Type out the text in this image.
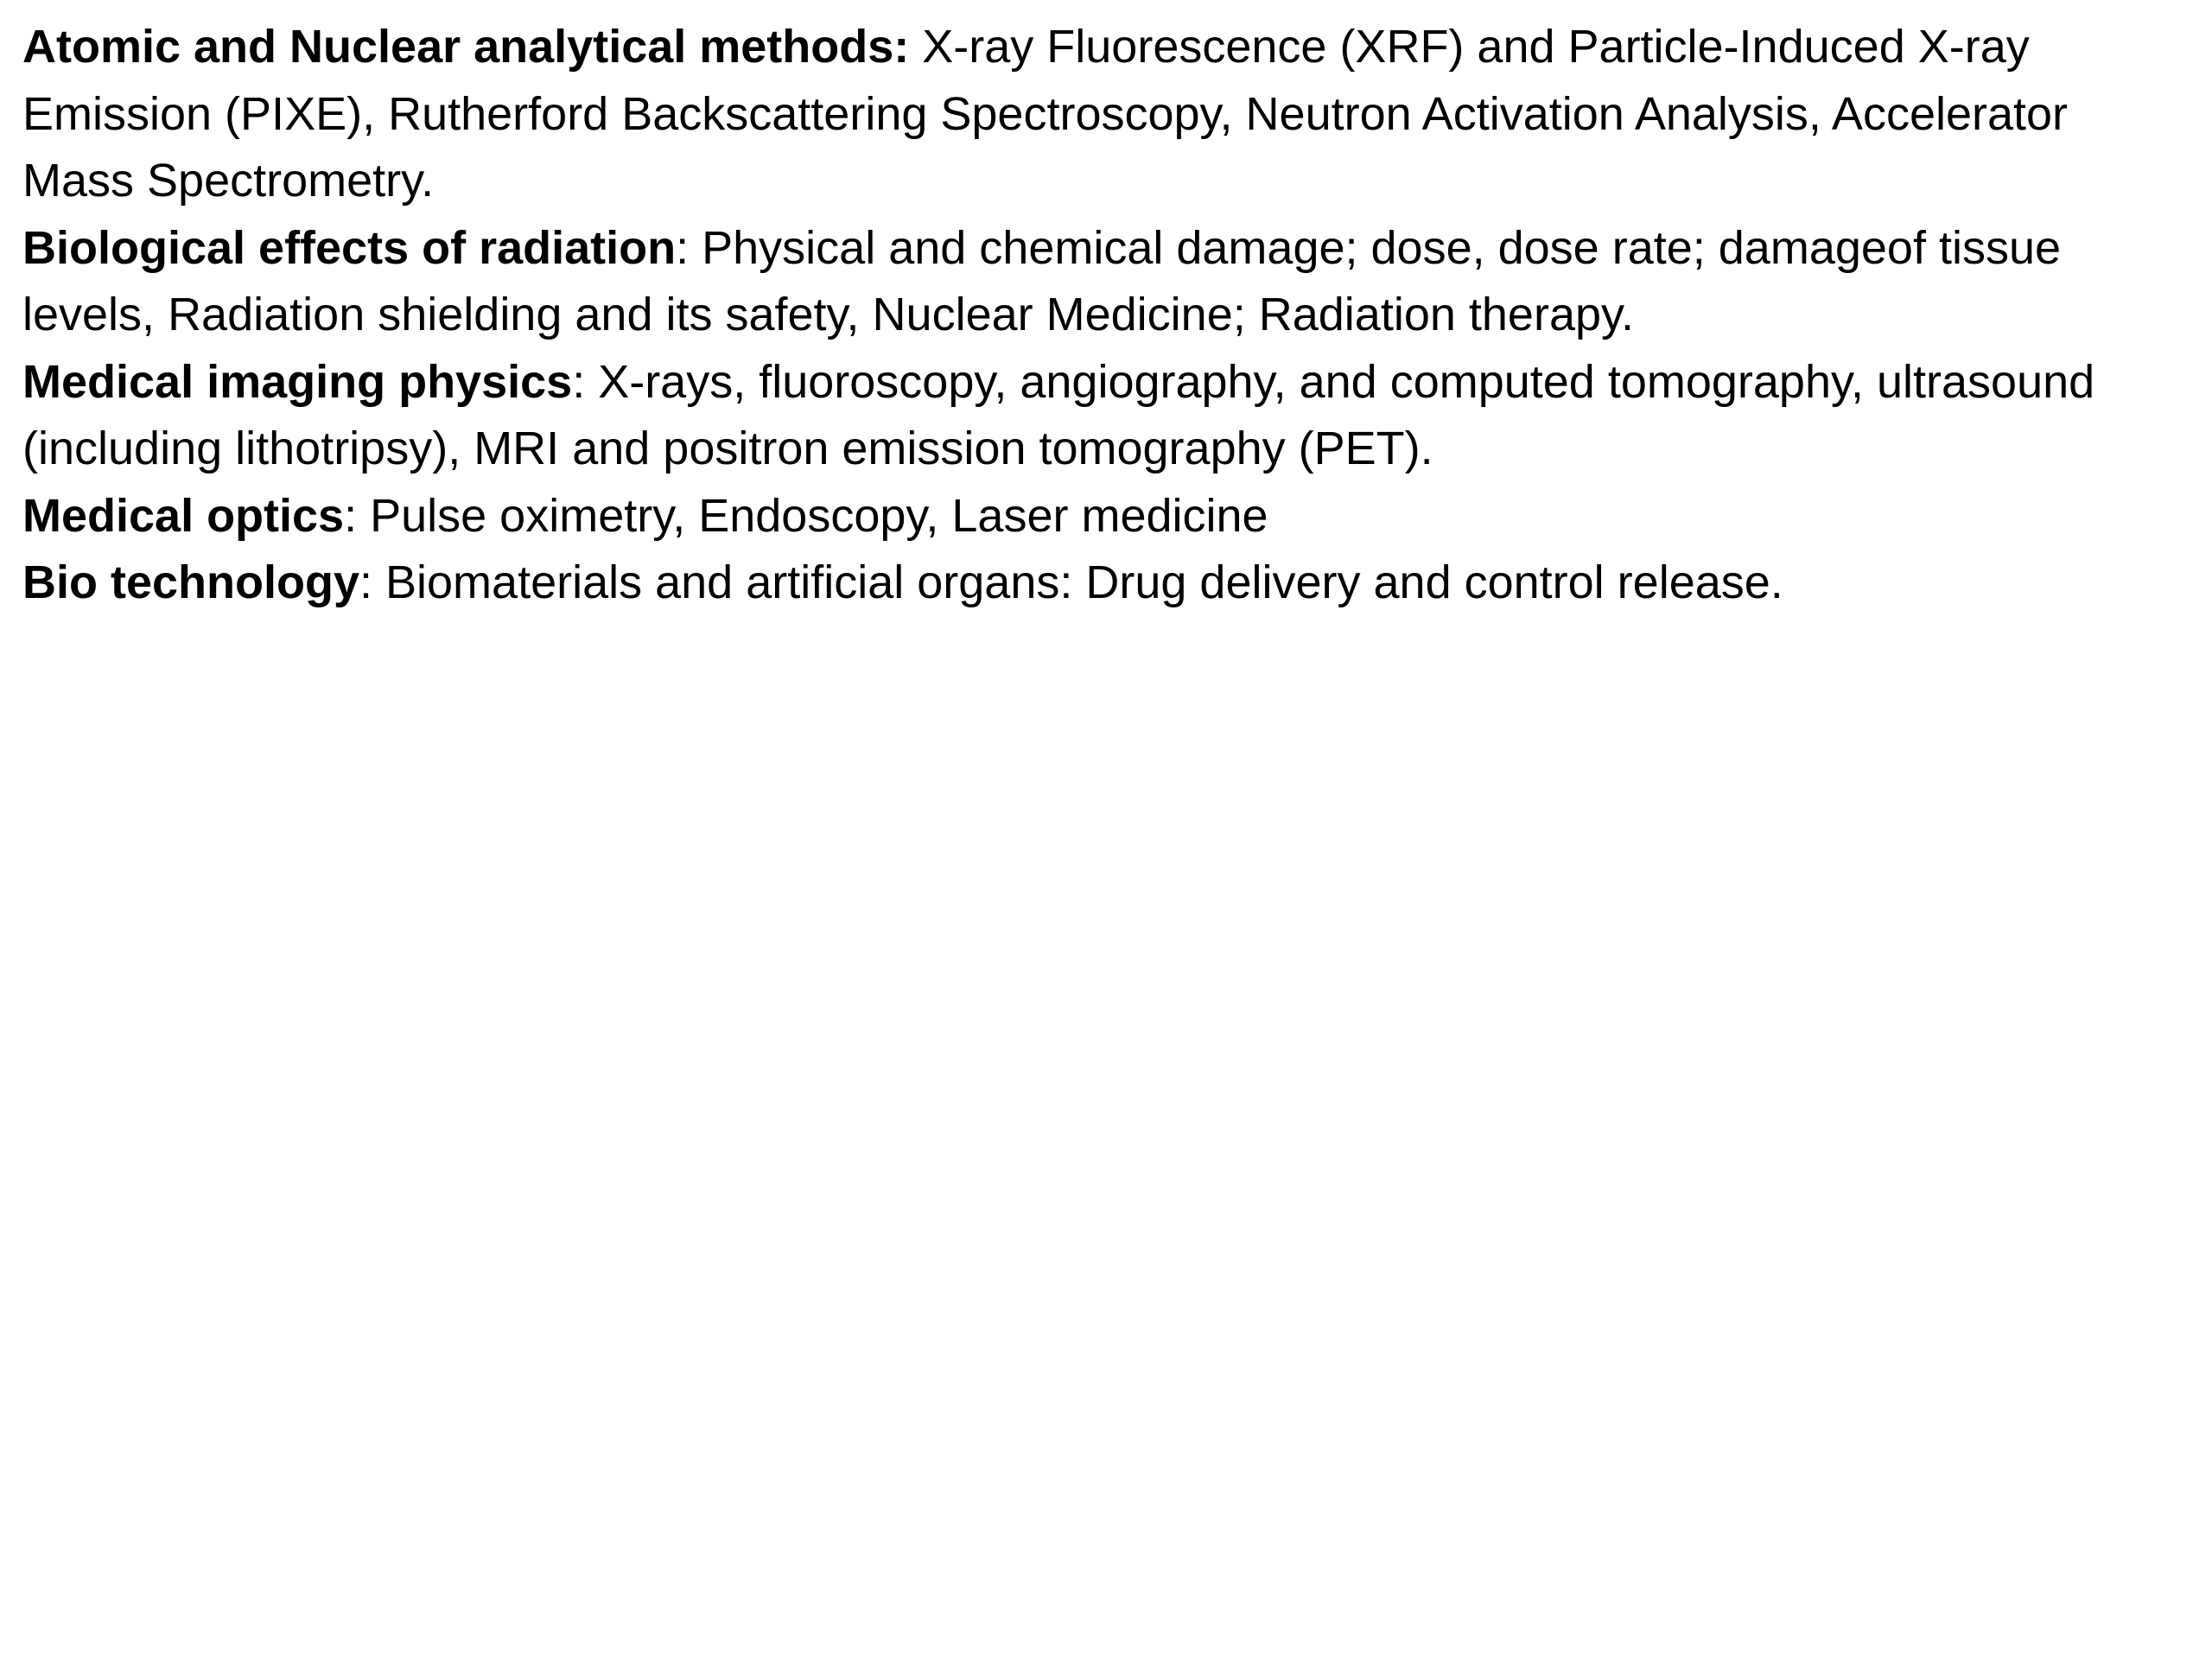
Atomic and Nuclear analytical methods: X-ray Fluorescence (XRF) and Particle-Induced X-ray Emission (PIXE), Rutherford Backscattering Spectroscopy, Neutron Activation Analysis, Accelerator Mass Spectrometry.

Biological effects of radiation: Physical and chemical damage; dose, dose rate; damageof tissue levels, Radiation shielding and its safety, Nuclear Medicine; Radiation therapy.

Medical imaging physics: X-rays, fluoroscopy, angiography, and computed tomography, ultrasound (including lithotripsy), MRI and positron emission tomography (PET).

Medical optics: Pulse oximetry, Endoscopy, Laser medicine

Bio technology: Biomaterials and artificial organs: Drug delivery and control release.
